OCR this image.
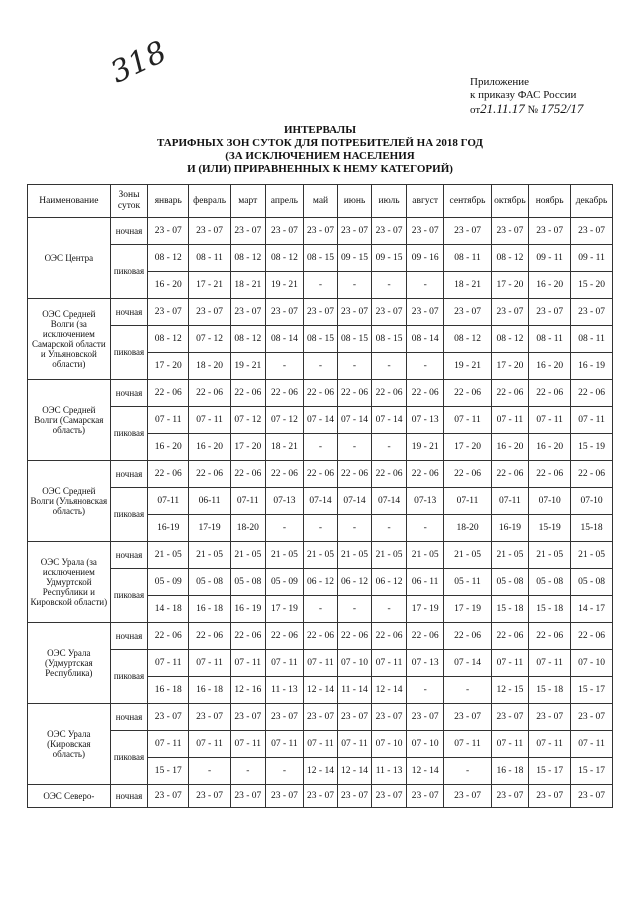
318	Приложение
к приказу ФАС России
от21.11.17 № 1752/17
ИНТЕРВАЛЫ
ТАРИФНЫХ ЗОН СУТОК ДЛЯ ПОТРЕБИТЕЛЕЙ НА 2018 ГОД
(ЗА ИСКЛЮЧЕНИЕМ НАСЕЛЕНИЯ
И (ИЛИ) ПРИРАВНЕННЫХ К НЕМУ КАТЕГОРИЙ)
Наименование	Зоны суток	январь	февраль	март	апрель	май	июнь	июль	август	сентябрь	октябрь	ноябрь	декабрь
ОЭС Центра	ночная	23 - 07	23 - 07	23 - 07	23 - 07	23 - 07	23 - 07	23 - 07	23 - 07	23 - 07	23 - 07	23 - 07	23 - 07
	пиковая	08 - 12	08 - 11	08 - 12	08 - 12	08 - 15	09 - 15	09 - 15	09 - 16	08 - 11	08 - 12	09 - 11	09 - 11
		16 - 20	17 - 21	18 - 21	19 - 21	-	-	-	-	18 - 21	17 - 20	16 - 20	15 - 20
ОЭС Средней Волги (за исключением Самарской области и Ульяновской области)	ночная	23 - 07	23 - 07	23 - 07	23 - 07	23 - 07	23 - 07	23 - 07	23 - 07	23 - 07	23 - 07	23 - 07	23 - 07
	пиковая	08 - 12	07 - 12	08 - 12	08 - 14	08 - 15	08 - 15	08 - 15	08 - 14	08 - 12	08 - 12	08 - 11	08 - 11
		17 - 20	18 - 20	19 - 21	-	-	-	-	-	19 - 21	17 - 20	16 - 20	16 - 19
ОЭС Средней Волги (Самарская область)	ночная	22 - 06	22 - 06	22 - 06	22 - 06	22 - 06	22 - 06	22 - 06	22 - 06	22 - 06	22 - 06	22 - 06	22 - 06
	пиковая	07 - 11	07 - 11	07 - 12	07 - 12	07 - 14	07 - 14	07 - 14	07 - 13	07 - 11	07 - 11	07 - 11	07 - 11
		16 - 20	16 - 20	17 - 20	18 - 21	-	-	-	19 - 21	17 - 20	16 - 20	16 - 20	15 - 19
ОЭС Средней Волги (Ульяновская область)	ночная	22 - 06	22 - 06	22 - 06	22 - 06	22 - 06	22 - 06	22 - 06	22 - 06	22 - 06	22 - 06	22 - 06	22 - 06
	пиковая	07-11	06-11	07-11	07-13	07-14	07-14	07-14	07-13	07-11	07-11	07-10	07-10
		16-19	17-19	18-20	-	-	-	-	-	18-20	16-19	15-19	15-18
ОЭС Урала (за исключением Удмуртской Республики и Кировской области)	ночная	21 - 05	21 - 05	21 - 05	21 - 05	21 - 05	21 - 05	21 - 05	21 - 05	21 - 05	21 - 05	21 - 05	21 - 05
	пиковая	05 - 09	05 - 08	05 - 08	05 - 09	06 - 12	06 - 12	06 - 12	06 - 11	05 - 11	05 - 08	05 - 08	05 - 08
		14 - 18	16 - 18	16 - 19	17 - 19	-	-	-	17 - 19	17 - 19	15 - 18	15 - 18	14 - 17
ОЭС Урала (Удмуртская Республика)	ночная	22 - 06	22 - 06	22 - 06	22 - 06	22 - 06	22 - 06	22 - 06	22 - 06	22 - 06	22 - 06	22 - 06	22 - 06
	пиковая	07 - 11	07 - 11	07 - 11	07 - 11	07 - 11	07 - 10	07 - 11	07 - 13	07 - 14	07 - 11	07 - 11	07 - 10
		16 - 18	16 - 18	12 - 16	11 - 13	12 - 14	11 - 14	12 - 14	-	-	12 - 15	15 - 18	15 - 17
ОЭС Урала (Кировская область)	ночная	23 - 07	23 - 07	23 - 07	23 - 07	23 - 07	23 - 07	23 - 07	23 - 07	23 - 07	23 - 07	23 - 07	23 - 07
	пиковая	07 - 11	07 - 11	07 - 11	07 - 11	07 - 11	07 - 11	07 - 10	07 - 10	07 - 11	07 - 11	07 - 11	07 - 11
		15 - 17	-	-	-	12 - 14	12 - 14	11 - 13	12 - 14	-	16 - 18	15 - 17	15 - 17
ОЭС Северо-	ночная	23 - 07	23 - 07	23 - 07	23 - 07	23 - 07	23 - 07	23 - 07	23 - 07	23 - 07	23 - 07	23 - 07	23 - 07
